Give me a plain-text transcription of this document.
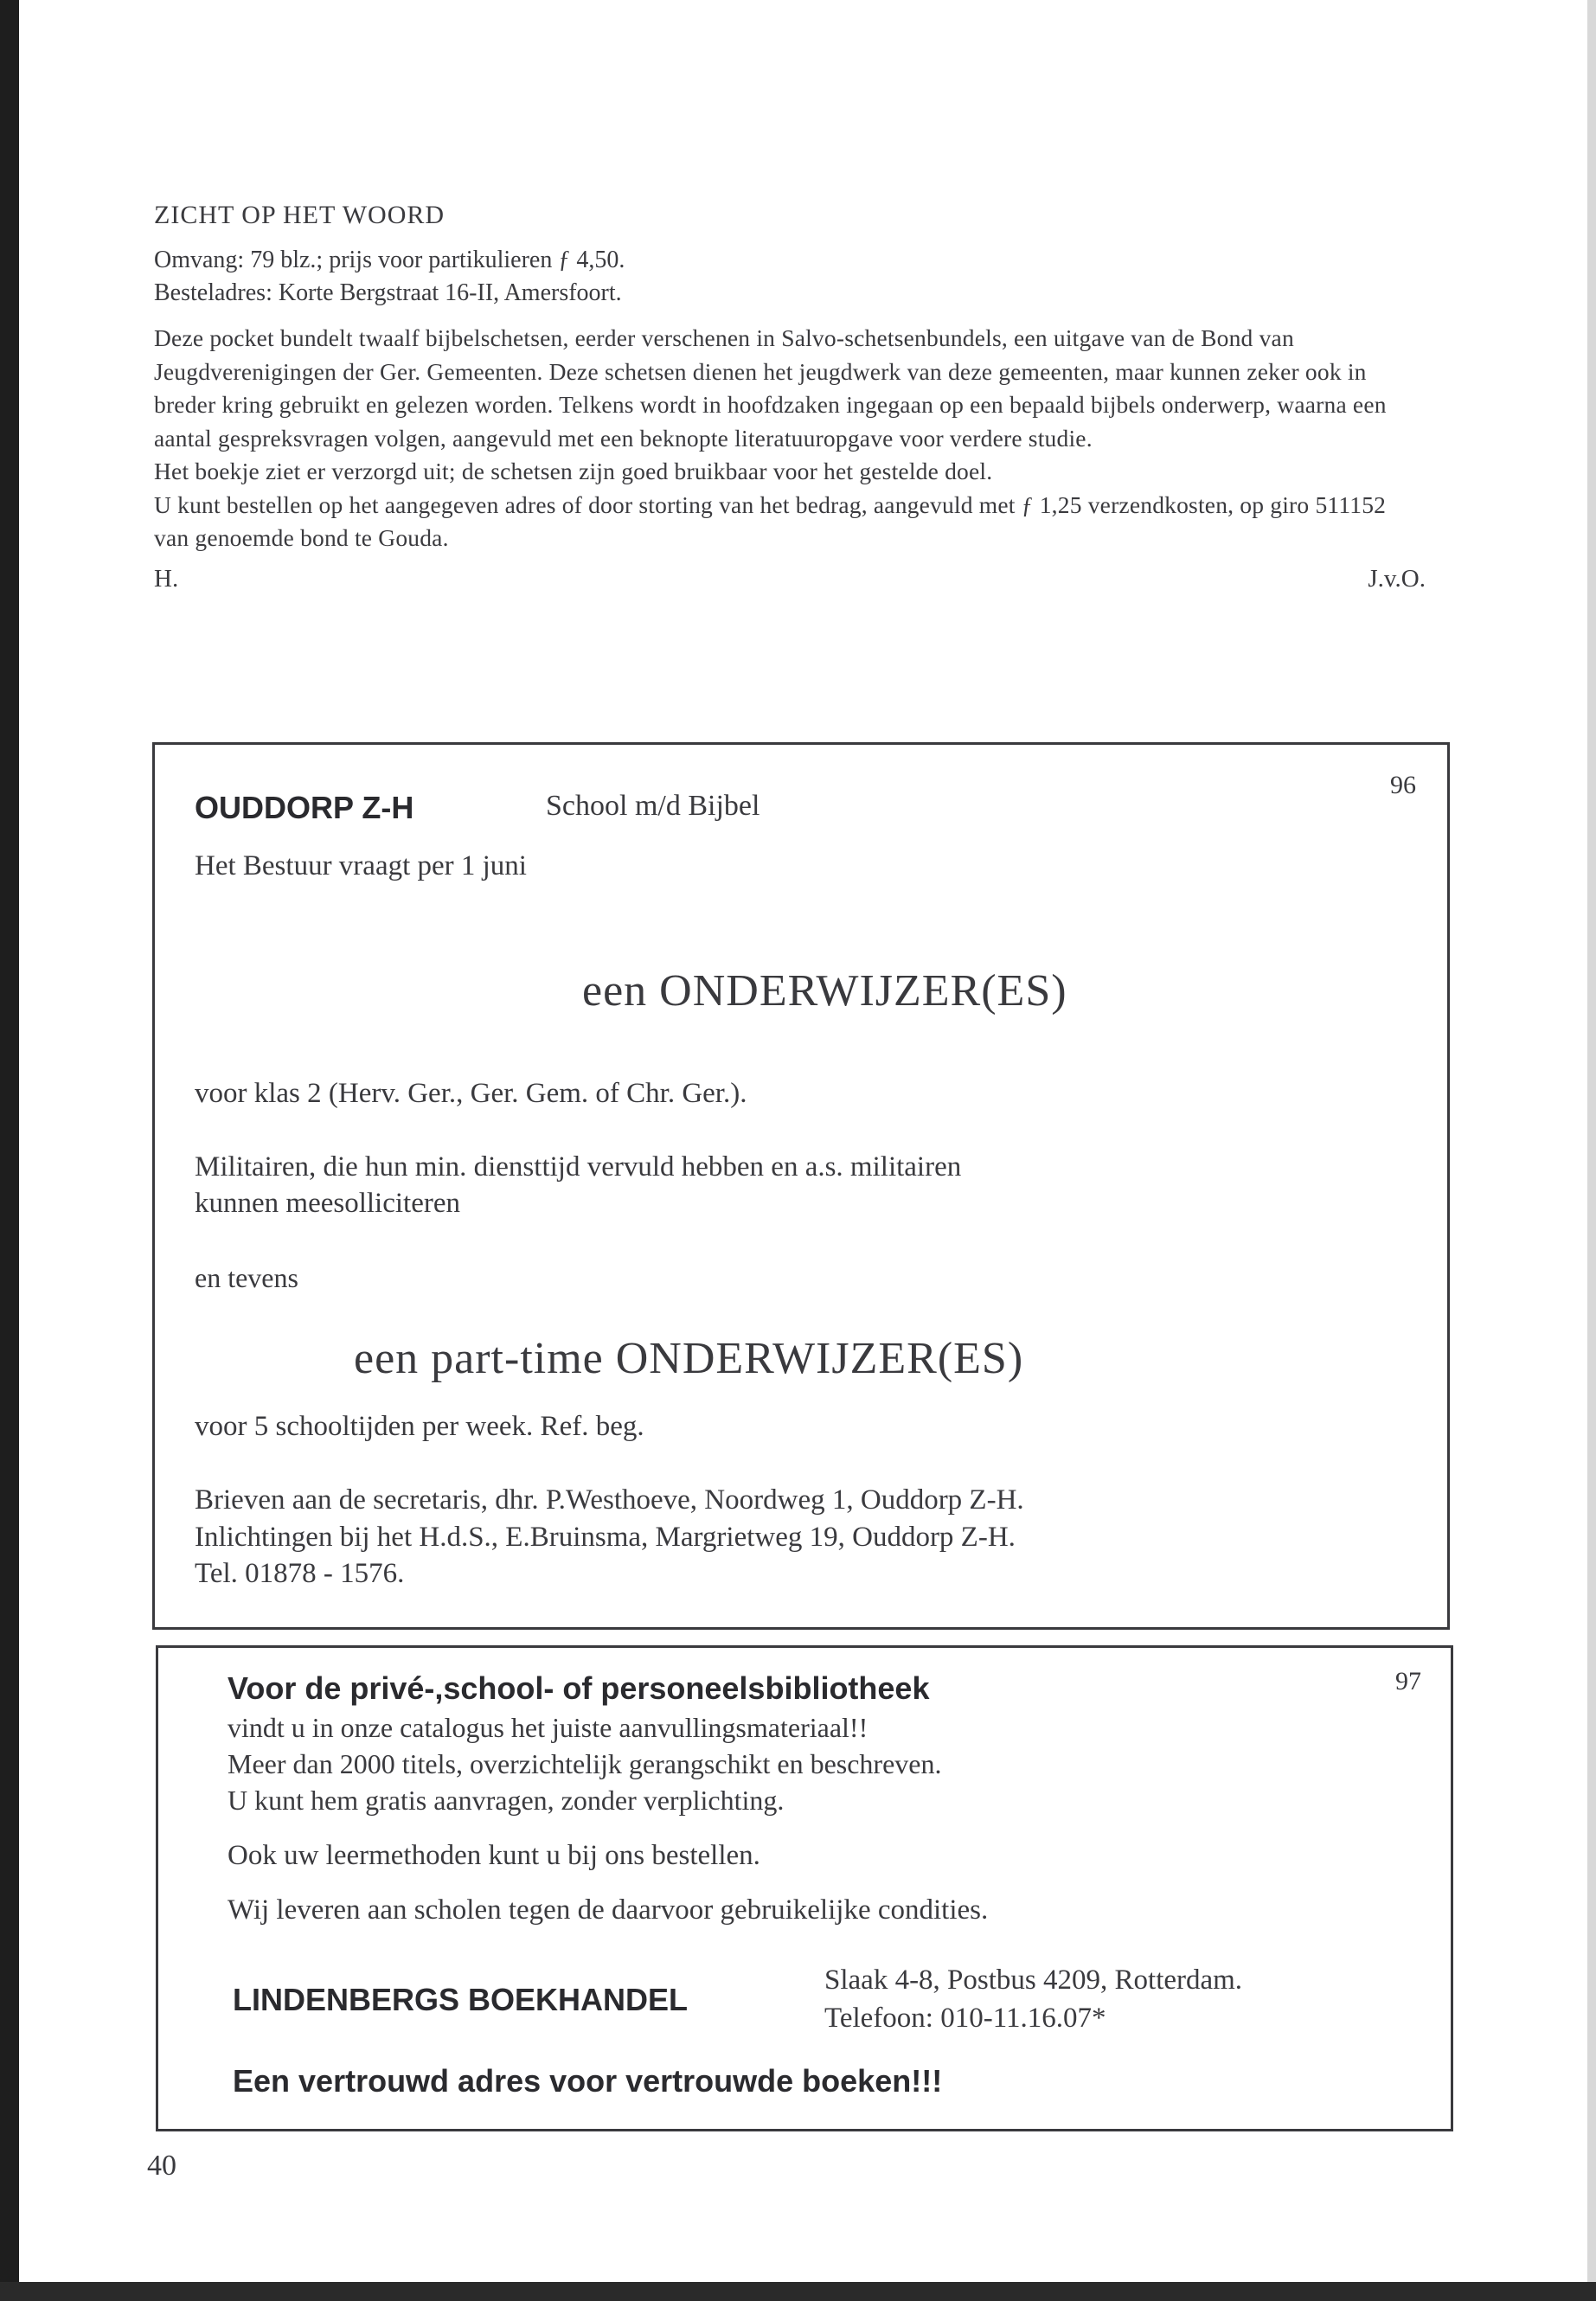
ZICHT OP HET WOORD

Omvang: 79 blz.; prijs voor partikulieren ƒ 4,50.

Besteladres: Korte Bergstraat 16-II, Amersfoort.

Deze pocket bundelt twaalf bijbelschetsen, eerder verschenen in Salvo-schetsenbundels, een uitgave van de Bond van Jeugdverenigingen der Ger. Gemeenten. Deze schetsen dienen het jeugdwerk van deze gemeenten, maar kunnen zeker ook in breder kring gebruikt en gelezen worden. Telkens wordt in hoofdzaken ingegaan op een bepaald bijbels onderwerp, waarna een aantal gespreksvragen volgen, aangevuld met een beknopte literatuuropgave voor verdere studie.

Het boekje ziet er verzorgd uit; de schetsen zijn goed bruikbaar voor het gestelde doel.

U kunt bestellen op het aangegeven adres of door storting van het bedrag, aangevuld met ƒ 1,25 verzendkosten, op giro 511152 van genoemde bond te Gouda.

H.	J.v.O.
96
OUDDORP Z-H	School m/d Bijbel
Het Bestuur vraagt per 1 juni
een ONDERWIJZER(ES)
voor klas 2 (Herv. Ger., Ger. Gem. of Chr. Ger.).
Militairen, die hun min. diensttijd vervuld hebben en a.s. militairen
kunnen meesolliciteren
en tevens
een part-time ONDERWIJZER(ES)
voor 5 schooltijden per week. Ref. beg.
Brieven aan de secretaris, dhr. P.Westhoeve, Noordweg 1, Ouddorp Z-H.
Inlichtingen bij het H.d.S., E.Bruinsma, Margrietweg 19, Ouddorp Z-H.
Tel. 01878 - 1576.
97
Voor de privé-,school- of personeelsbibliotheek
vindt u in onze catalogus het juiste aanvullingsmateriaal!!
Meer dan 2000 titels, overzichtelijk gerangschikt en beschreven.
U kunt hem gratis aanvragen, zonder verplichting.
Ook uw leermethoden kunt u bij ons bestellen.
Wij leveren aan scholen tegen de daarvoor gebruikelijke condities.
LINDENBERGS BOEKHANDEL
Slaak 4-8, Postbus 4209, Rotterdam.
Telefoon: 010-11.16.07*
Een vertrouwd adres voor vertrouwde boeken!!!
40
